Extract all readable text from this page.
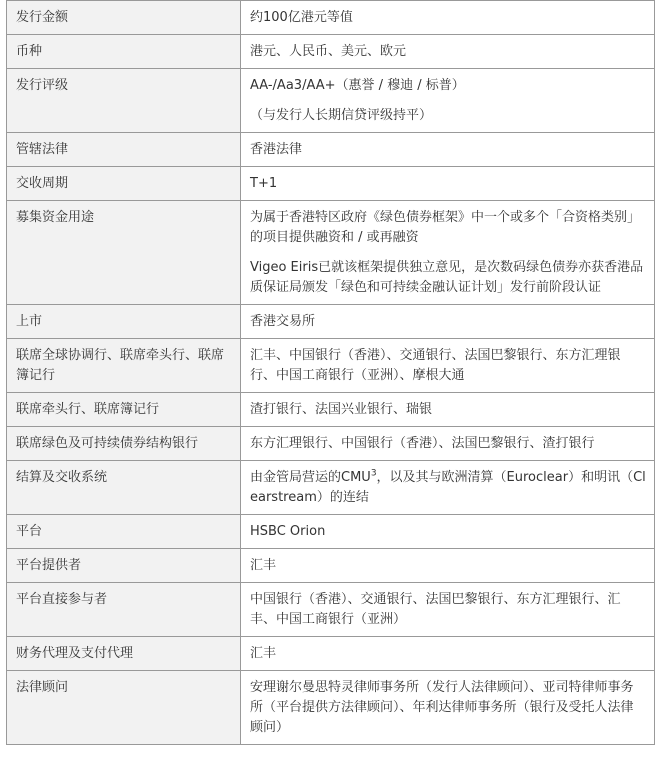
发行金额	约100亿港元等值

币种	港元、人民币、美元、欧元

发行评级	AA-/Aa3/AA+（惠誉 / 穆迪 / 标普）

（与发行人长期信贷评级持平）

管辖法律	香港法律

交收周期	T+1

募集资金用途	为属于香港特区政府《绿色债券框架》中一个或多个「合资格类别」的项目提供融资和 / 或再融资

Vigeo Eiris已就该框架提供独立意见，是次数码绿色债券亦获香港品质保证局颁发「绿色和可持续金融认证计划」发行前阶段认证

上市	香港交易所

联席全球协调行、联席牵头行、联席簿记行	汇丰、中国银行（香港）、交通银行、法国巴黎银行、东方汇理银行、中国工商银行（亚洲）、摩根大通

联席牵头行、联席簿记行	渣打银行、法国兴业银行、瑞银

联席绿色及可持续债券结构银行	东方汇理银行、中国银行（香港）、法国巴黎银行、渣打银行

结算及交收系统	由金管局营运的CMU$^3$，以及其与欧洲清算（Euroclear）和明讯（Clearstream）的连结

平台	HSBC Orion

平台提供者	汇丰

平台直接参与者	中国银行（香港）、交通银行、法国巴黎银行、东方汇理银行、汇丰、中国工商银行（亚洲）

财务代理及支付代理	汇丰

法律顾问	安理谢尔曼思特灵律师事务所（发行人法律顾问）、亚司特律师事务所（平台提供方法律顾问）、年利达律师事务所（银行及受托人法律顾问）
